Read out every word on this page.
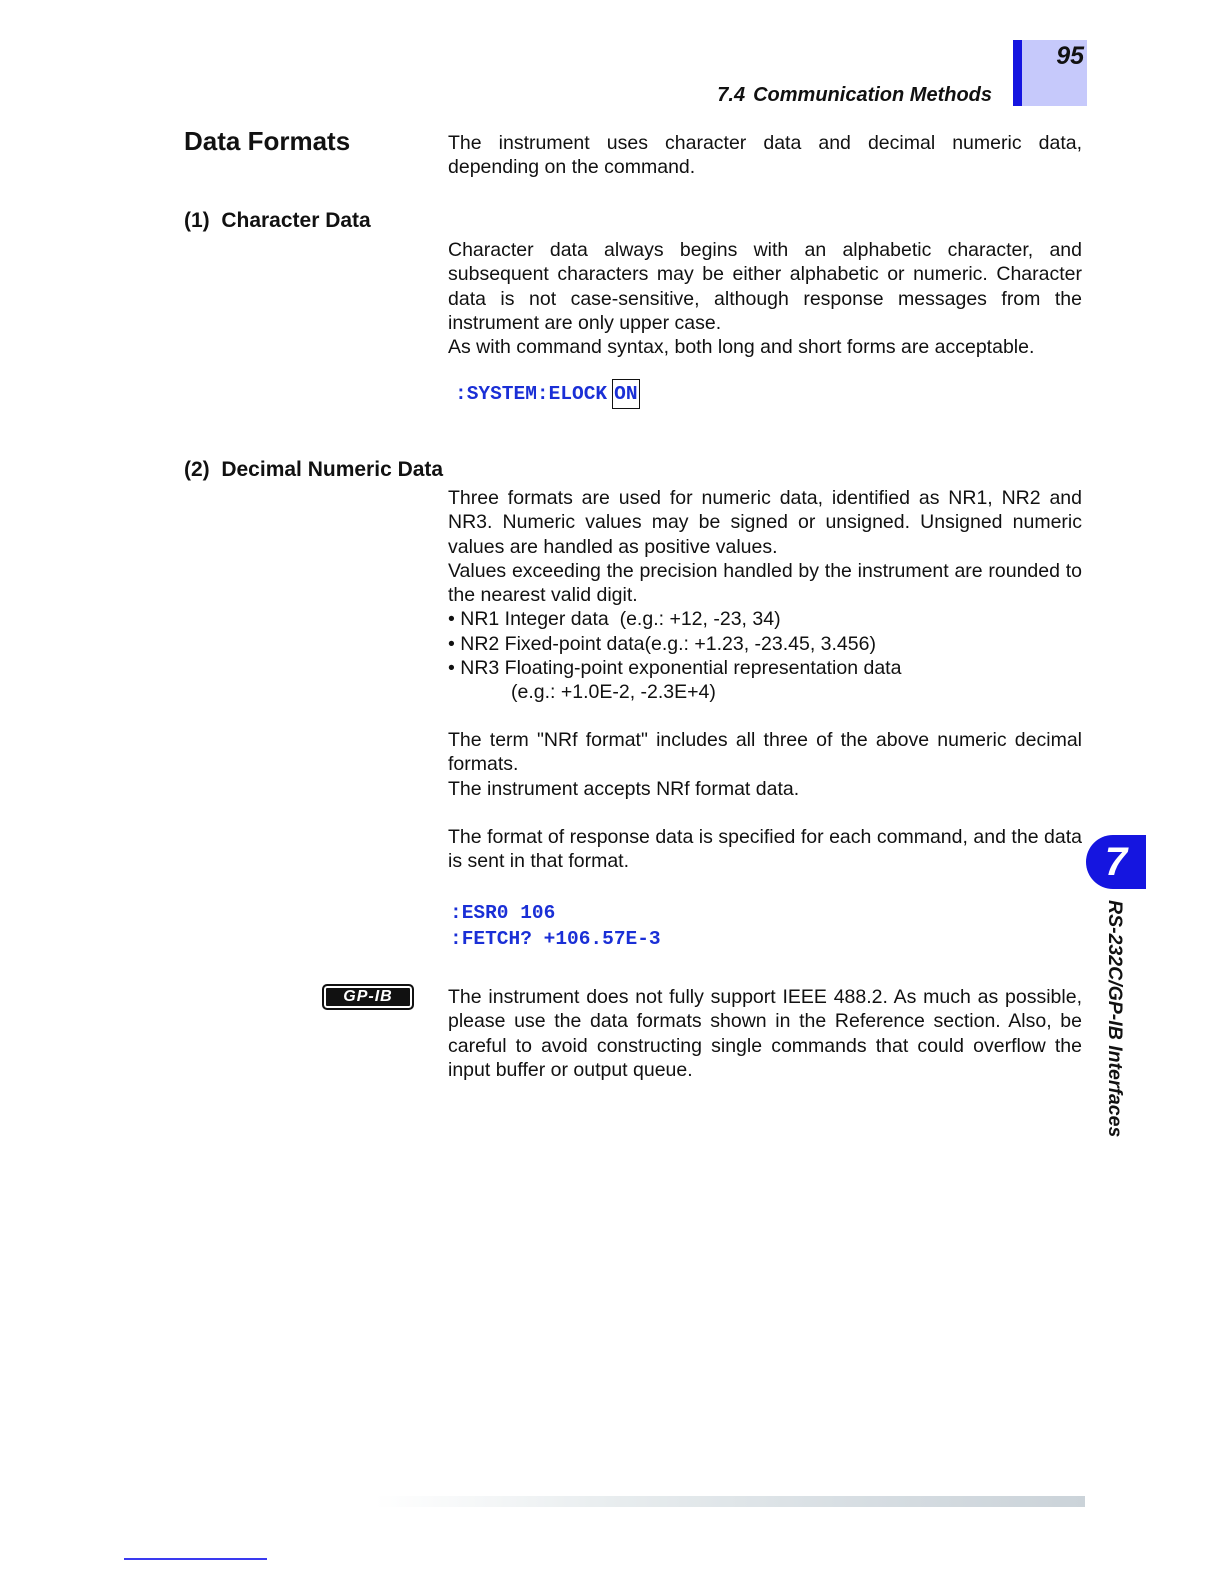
95
7.4 Communication Methods
Data Formats	The instrument uses character data and decimal numeric data, depending on the command.

(1)  Character Data

Character data always begins with an alphabetic character, and subsequent characters may be either alphabetic or numeric. Character data is not case-sensitive, although response messages from the instrument are only upper case.

As with command syntax, both long and short forms are acceptable.

:SYSTEM:ELOCK ON
(2)  Decimal Numeric Data

Three formats are used for numeric data, identified as NR1, NR2 and NR3. Numeric values may be signed or unsigned. Unsigned numeric values are handled as positive values.

Values exceeding the precision handled by the instrument are rounded to the nearest valid digit.

• NR1 Integer data  (e.g.: +12, -23, 34)
• NR2 Fixed-point data(e.g.: +1.23, -23.45, 3.456)
• NR3 Floating-point exponential representation data

(e.g.: +1.0E-2, -2.3E+4)

The term "NRf format" includes all three of the above numeric decimal formats.

The instrument accepts NRf format data.

The format of response data is specified for each command, and the data is sent in that format.

:ESR0 106
:FETCH? +106.57E-3
GP-IB	The instrument does not fully support IEEE 488.2. As much as possible, please use the data formats shown in the Reference section. Also, be careful to avoid constructing single commands that could overflow the input buffer or output queue.

7
RS-232C/GP-IB Interfaces
